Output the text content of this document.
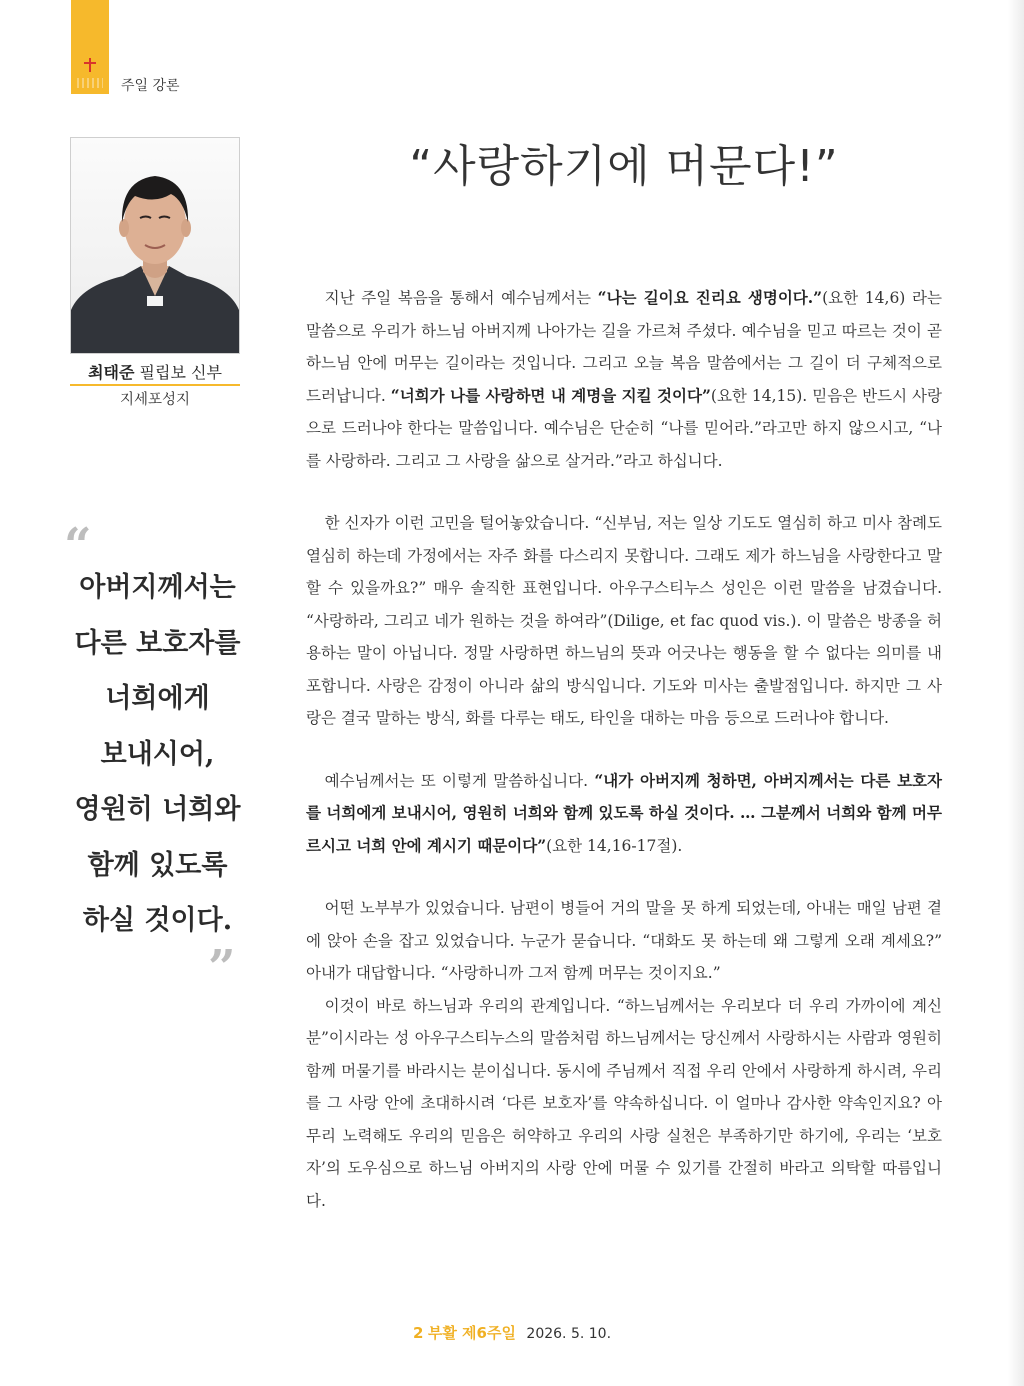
주일 강론
최태준 필립보 신부
지세포성지
“
아버지께서는
다른 보호자를
너희에게
보내시어,
영원히 너희와
함께 있도록
하실 것이다.
”
“사랑하기에 머문다!”

지난 주일 복음을 통해서 예수님께서는 “나는 길이요 진리요 생명이다.”(요한 14,6) 라는 말씀으로 우리가 하느님 아버지께 나아가는 길을 가르쳐 주셨다. 예수님을 믿고 따르는 것이 곧 하느님 안에 머무는 길이라는 것입니다. 그리고 오늘 복음 말씀에서는 그 길이 더 구체적으로 드러납니다. “너희가 나를 사랑하면 내 계명을 지킬 것이다”(요한 14,15). 믿음은 반드시 사랑으로 드러나야 한다는 말씀입니다. 예수님은 단순히 “나를 믿어라.”라고만 하지 않으시고, “나를 사랑하라. 그리고 그 사랑을 삶으로 살거라.”라고 하십니다.

한 신자가 이런 고민을 털어놓았습니다. “신부님, 저는 일상 기도도 열심히 하고 미사 참례도 열심히 하는데 가정에서는 자주 화를 다스리지 못합니다. 그래도 제가 하느님을 사랑한다고 말할 수 있을까요?” 매우 솔직한 표현입니다. 아우구스티누스 성인은 이런 말씀을 남겼습니다. “사랑하라, 그리고 네가 원하는 것을 하여라”(Dilige, et fac quod vis.). 이 말씀은 방종을 허용하는 말이 아닙니다. 정말 사랑하면 하느님의 뜻과 어긋나는 행동을 할 수 없다는 의미를 내포합니다. 사랑은 감정이 아니라 삶의 방식입니다. 기도와 미사는 출발점입니다. 하지만 그 사랑은 결국 말하는 방식, 화를 다루는 태도, 타인을 대하는 마음 등으로 드러나야 합니다.

예수님께서는 또 이렇게 말씀하십니다. “내가 아버지께 청하면, 아버지께서는 다른 보호자를 너희에게 보내시어, 영원히 너희와 함께 있도록 하실 것이다. … 그분께서 너희와 함께 머무르시고 너희 안에 계시기 때문이다”(요한 14,16-17절).

어떤 노부부가 있었습니다. 남편이 병들어 거의 말을 못 하게 되었는데, 아내는 매일 남편 곁에 앉아 손을 잡고 있었습니다. 누군가 묻습니다. “대화도 못 하는데 왜 그렇게 오래 계세요?” 아내가 대답합니다. “사랑하니까 그저 함께 머무는 것이지요.”

이것이 바로 하느님과 우리의 관계입니다. “하느님께서는 우리보다 더 우리 가까이에 계신 분”이시라는 성 아우구스티누스의 말씀처럼 하느님께서는 당신께서 사랑하시는 사람과 영원히 함께 머물기를 바라시는 분이십니다. 동시에 주님께서 직접 우리 안에서 사랑하게 하시려, 우리를 그 사랑 안에 초대하시려 ‘다른 보호자’를 약속하십니다. 이 얼마나 감사한 약속인지요? 아무리 노력해도 우리의 믿음은 허약하고 우리의 사랑 실천은 부족하기만 하기에, 우리는 ‘보호자’의 도우심으로 하느님 아버지의 사랑 안에 머물 수 있기를 간절히 바라고 의탁할 따름입니다.

2 부활 제6주일 2026. 5. 10.
